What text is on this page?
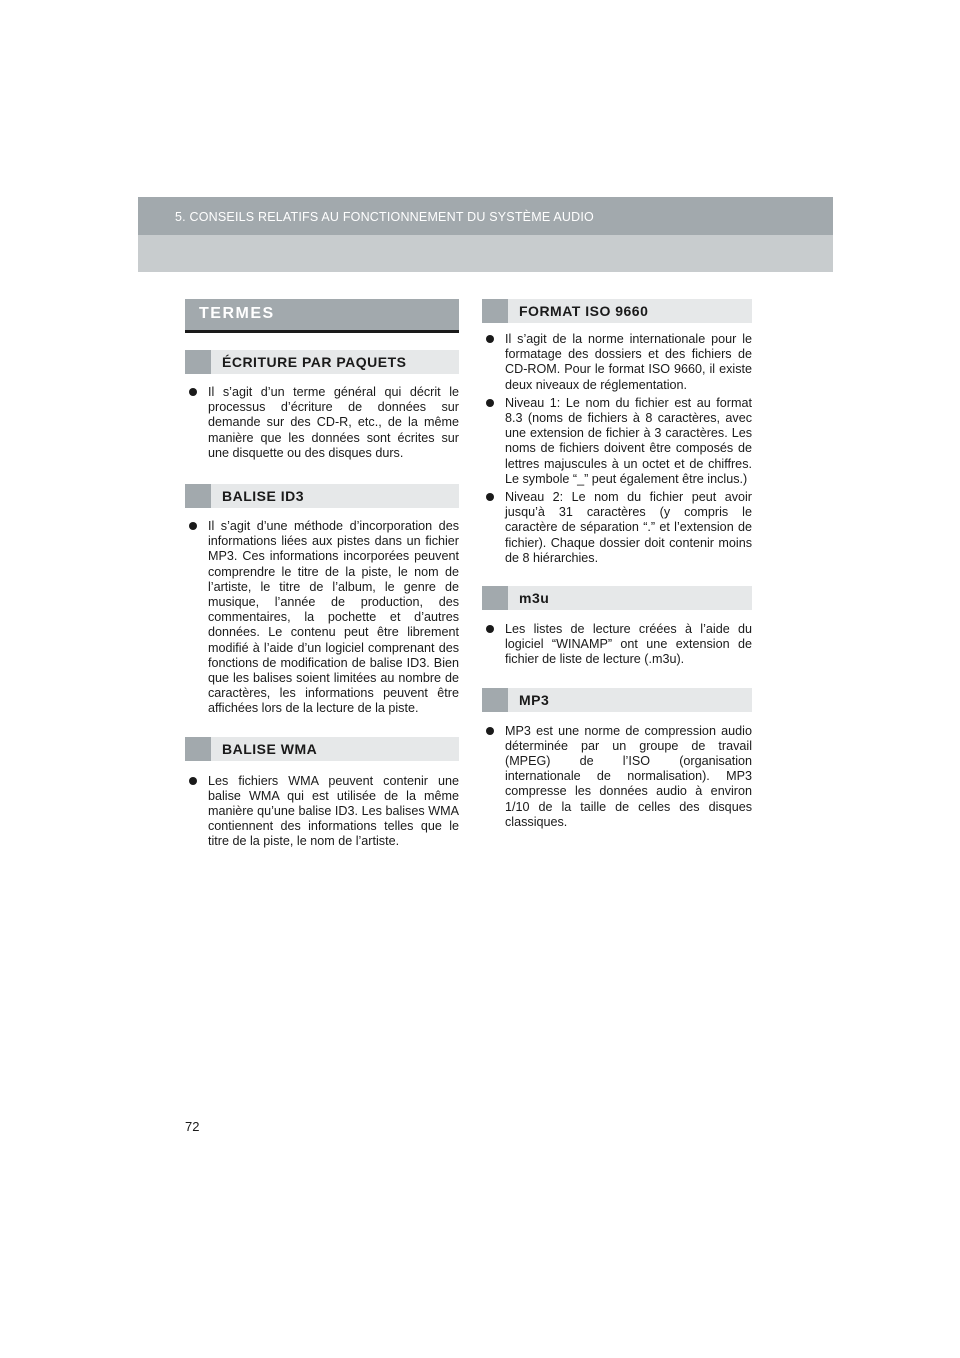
5. CONSEILS RELATIFS AU FONCTIONNEMENT DU SYSTÈME AUDIO
TERMES
ÉCRITURE PAR PAQUETS
Il s’agit d’un terme général qui décrit le processus d’écriture de données sur demande sur des CD-R, etc., de la même manière que les données sont écrites sur une disquette ou des disques durs.
BALISE ID3
Il s’agit d’une méthode d’incorporation des informations liées aux pistes dans un fichier MP3. Ces informations incorporées peuvent comprendre le titre de la piste, le nom de l’artiste, le titre de l’album, le genre de musique, l’année de production, des commentaires, la pochette et d’autres données. Le contenu peut être librement modifié à l’aide d’un logiciel comprenant des fonctions de modification de balise ID3. Bien que les balises soient limitées au nombre de caractères, les informations peuvent être affichées lors de la lecture de la piste.
BALISE WMA
Les fichiers WMA peuvent contenir une balise WMA qui est utilisée de la même manière qu’une balise ID3. Les balises WMA contiennent des informations telles que le titre de la piste, le nom de l’artiste.
FORMAT ISO 9660
Il s’agit de la norme internationale pour le formatage des dossiers et des fichiers de CD-ROM. Pour le format ISO 9660, il existe deux niveaux de réglementation.
Niveau 1: Le nom du fichier est au format 8.3 (noms de fichiers à 8 caractères, avec une extension de fichier à 3 caractères. Les noms de fichiers doivent être composés de lettres majuscules à un octet et de chiffres. Le symbole “_” peut également être inclus.)
Niveau 2: Le nom du fichier peut avoir jusqu’à 31 caractères (y compris le caractère de séparation “.” et l’extension de fichier). Chaque dossier doit contenir moins de 8 hiérarchies.
m3u
Les listes de lecture créées à l’aide du logiciel “WINAMP” ont une extension de fichier de liste de lecture (.m3u).
MP3
MP3 est une norme de compression audio déterminée par un groupe de travail (MPEG) de l’ISO (organisation internationale de normalisation). MP3 compresse les données audio à environ 1/10 de la taille de celles des disques classiques.
72
